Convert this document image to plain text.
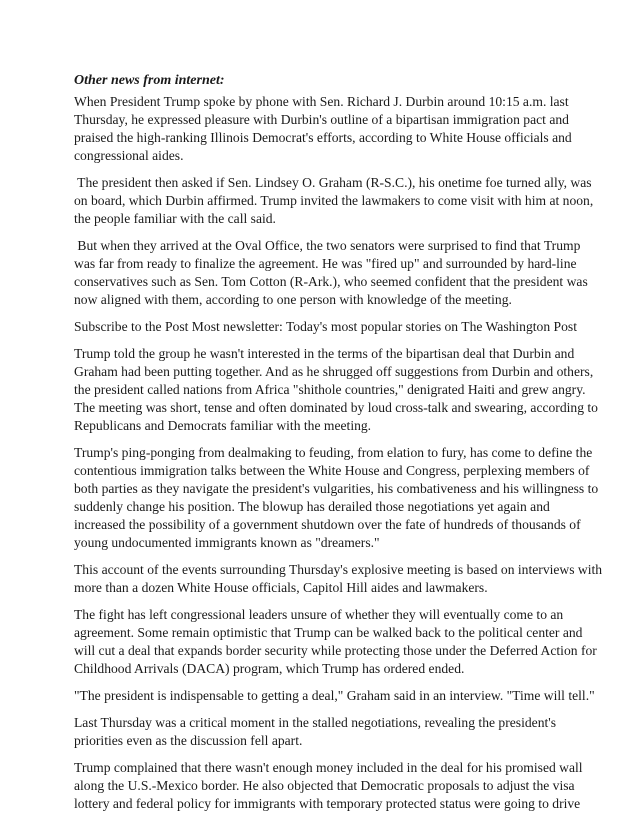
Other news from internet:
When President Trump spoke by phone with Sen. Richard J. Durbin around 10:15 a.m. last
Thursday, he expressed pleasure with Durbin's outline of a bipartisan immigration pact and
praised the high-ranking Illinois Democrat's efforts, according to White House officials and
congressional aides.
The president then asked if Sen. Lindsey O. Graham (R-S.C.), his onetime foe turned ally, was
on board, which Durbin affirmed. Trump invited the lawmakers to come visit with him at noon,
the people familiar with the call said.
But when they arrived at the Oval Office, the two senators were surprised to find that Trump
was far from ready to finalize the agreement. He was "fired up" and surrounded by hard-line
conservatives such as Sen. Tom Cotton (R-Ark.), who seemed confident that the president was
now aligned with them, according to one person with knowledge of the meeting.
Subscribe to the Post Most newsletter: Today's most popular stories on The Washington Post
Trump told the group he wasn't interested in the terms of the bipartisan deal that Durbin and
Graham had been putting together. And as he shrugged off suggestions from Durbin and others,
the president called nations from Africa "shithole countries," denigrated Haiti and grew angry.
The meeting was short, tense and often dominated by loud cross-talk and swearing, according to
Republicans and Democrats familiar with the meeting.
Trump's ping-ponging from dealmaking to feuding, from elation to fury, has come to define the
contentious immigration talks between the White House and Congress, perplexing members of
both parties as they navigate the president's vulgarities, his combativeness and his willingness to
suddenly change his position. The blowup has derailed those negotiations yet again and
increased the possibility of a government shutdown over the fate of hundreds of thousands of
young undocumented immigrants known as "dreamers."
This account of the events surrounding Thursday's explosive meeting is based on interviews with
more than a dozen White House officials, Capitol Hill aides and lawmakers.
The fight has left congressional leaders unsure of whether they will eventually come to an
agreement. Some remain optimistic that Trump can be walked back to the political center and
will cut a deal that expands border security while protecting those under the Deferred Action for
Childhood Arrivals (DACA) program, which Trump has ordered ended.
"The president is indispensable to getting a deal," Graham said in an interview. "Time will tell."
Last Thursday was a critical moment in the stalled negotiations, revealing the president's
priorities even as the discussion fell apart.
Trump complained that there wasn't enough money included in the deal for his promised wall
along the U.S.-Mexico border. He also objected that Democratic proposals to adjust the visa
lottery and federal policy for immigrants with temporary protected status were going to drive
